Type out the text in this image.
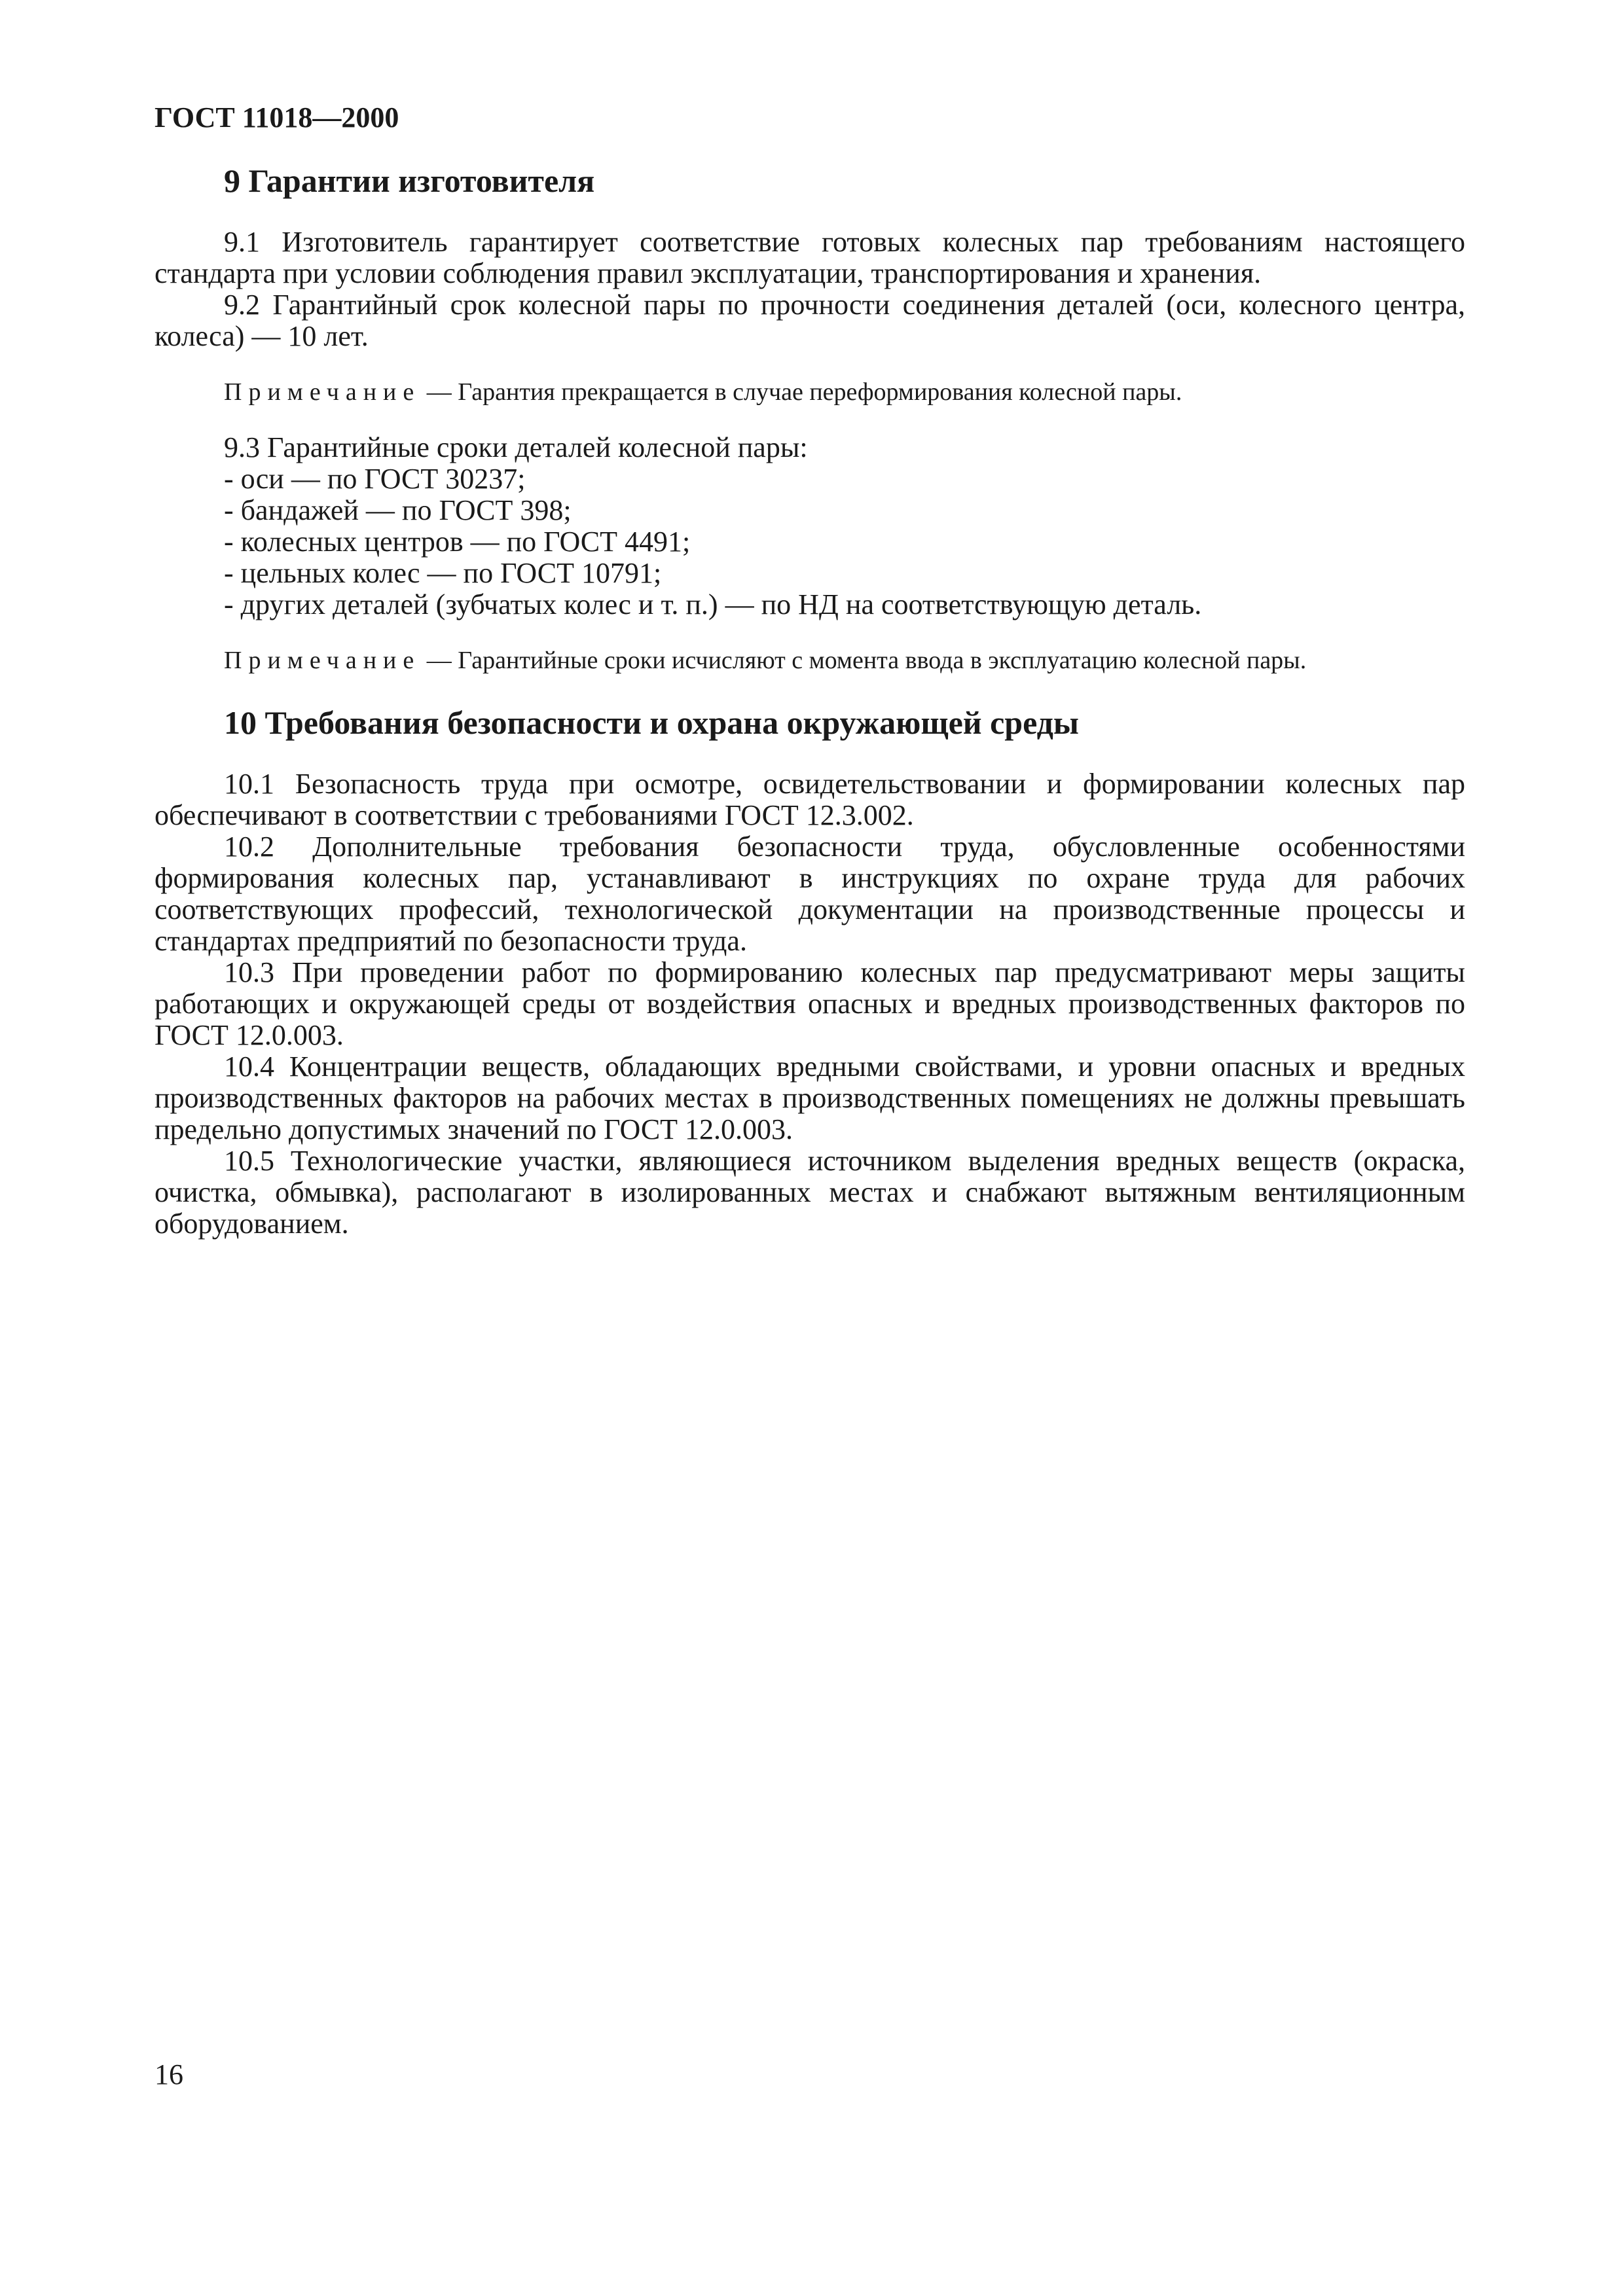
ГОСТ 11018—2000
9 Гарантии изготовителя

9.1 Изготовитель гарантирует соответствие готовых колесных пар требованиям настоящего стандарта при условии соблюдения правил эксплуатации, транспортирования и хранения.

9.2 Гарантийный срок колесной пары по прочности соединения деталей (оси, колесного центра, колеса) — 10 лет.

Примечание — Гарантия прекращается в случае переформирования колесной пары.

9.3 Гарантийные сроки деталей колесной пары:

- оси — по ГОСТ 30237;
- бандажей — по ГОСТ 398;
- колесных центров — по ГОСТ 4491;
- цельных колес — по ГОСТ 10791;
- других деталей (зубчатых колес и т. п.) — по НД на соответствующую деталь.
Примечание — Гарантийные сроки исчисляют с момента ввода в эксплуатацию колесной пары.
10 Требования безопасности и охрана окружающей среды

10.1 Безопасность труда при осмотре, освидетельствовании и формировании колесных пар обеспечивают в соответствии с требованиями ГОСТ 12.3.002.

10.2 Дополнительные требования безопасности труда, обусловленные особенностями формирования колесных пар, устанавливают в инструкциях по охране труда для рабочих соответствующих профессий, технологической документации на производственные процессы и стандартах предприятий по безопасности труда.

10.3 При проведении работ по формированию колесных пар предусматривают меры защиты работающих и окружающей среды от воздействия опасных и вредных производственных факторов по ГОСТ 12.0.003.

10.4 Концентрации веществ, обладающих вредными свойствами, и уровни опасных и вредных производственных факторов на рабочих местах в производственных помещениях не должны превышать предельно допустимых значений по ГОСТ 12.0.003.

10.5 Технологические участки, являющиеся источником выделения вредных веществ (окраска, очистка, обмывка), располагают в изолированных местах и снабжают вытяжным вентиляционным оборудованием.

16
